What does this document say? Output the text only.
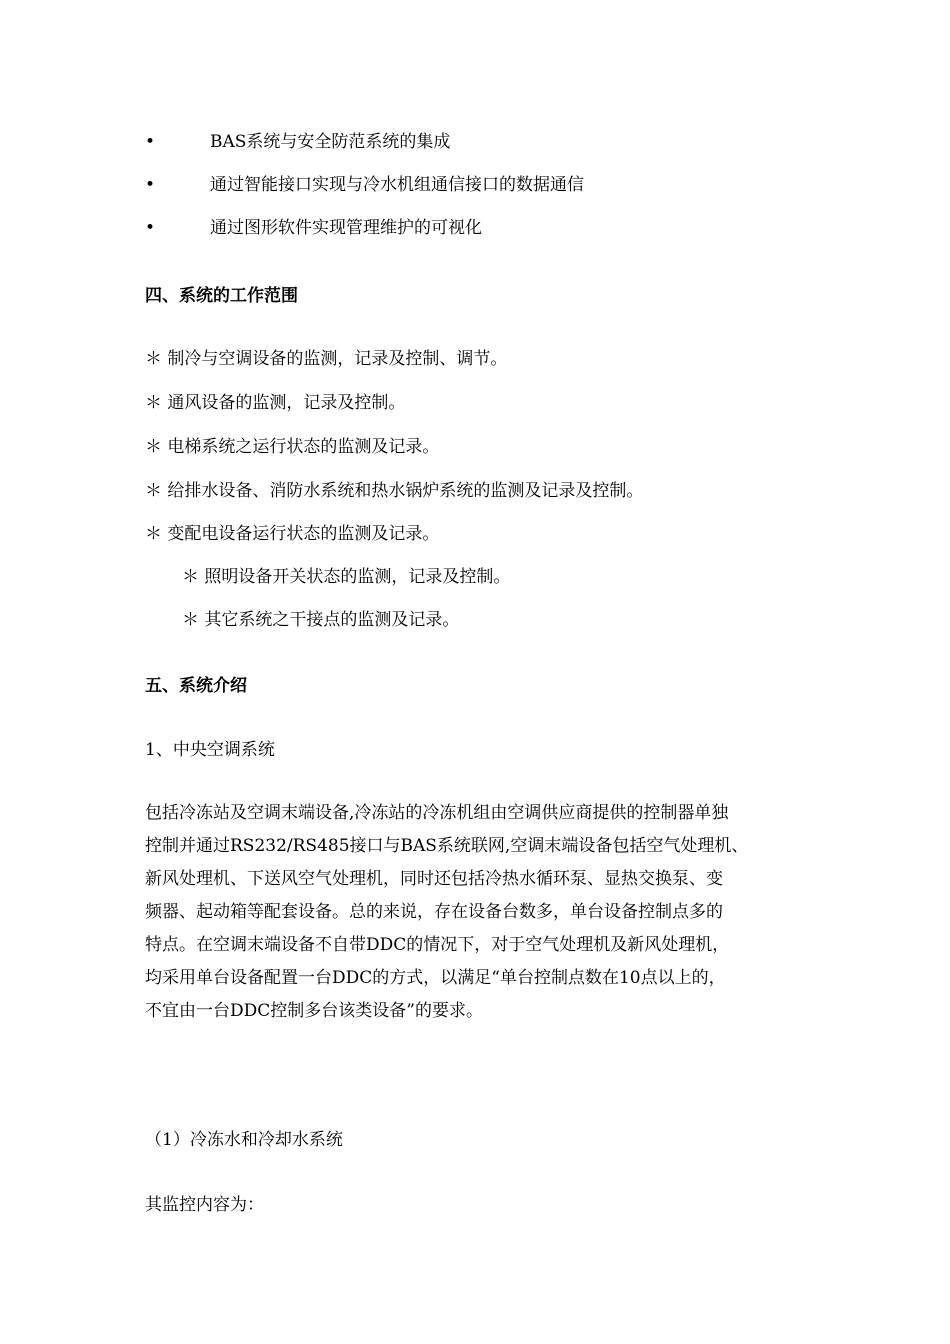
•	BAS系统与安全防范系统的集成
•	通过智能接口实现与冷水机组通信接口的数据通信
•	通过图形软件实现管理维护的可视化
四、系统的工作范围
＊ 制冷与空调设备的监测，记录及控制、调节。
＊ 通风设备的监测，记录及控制。
＊ 电梯系统之运行状态的监测及记录。
＊ 给排水设备、消防水系统和热水锅炉系统的监测及记录及控制。
＊ 变配电设备运行状态的监测及记录。
＊ 照明设备开关状态的监测，记录及控制。
＊ 其它系统之干接点的监测及记录。
五、系统介绍
1、中央空调系统
包括冷冻站及空调末端设备,冷冻站的冷冻机组由空调供应商提供的控制器单独
控制并通过RS232/RS485接口与BAS系统联网,空调末端设备包括空气处理机、
新风处理机、下送风空气处理机，同时还包括冷热水循环泵、显热交换泵、变
频器、起动箱等配套设备。总的来说，存在设备台数多，单台设备控制点多的
特点。在空调末端设备不自带DDC的情况下，对于空气处理机及新风处理机，
均采用单台设备配置一台DDC的方式，以满足“单台控制点数在10点以上的，
不宜由一台DDC控制多台该类设备”的要求。
（1）冷冻水和冷却水系统
其监控内容为：
